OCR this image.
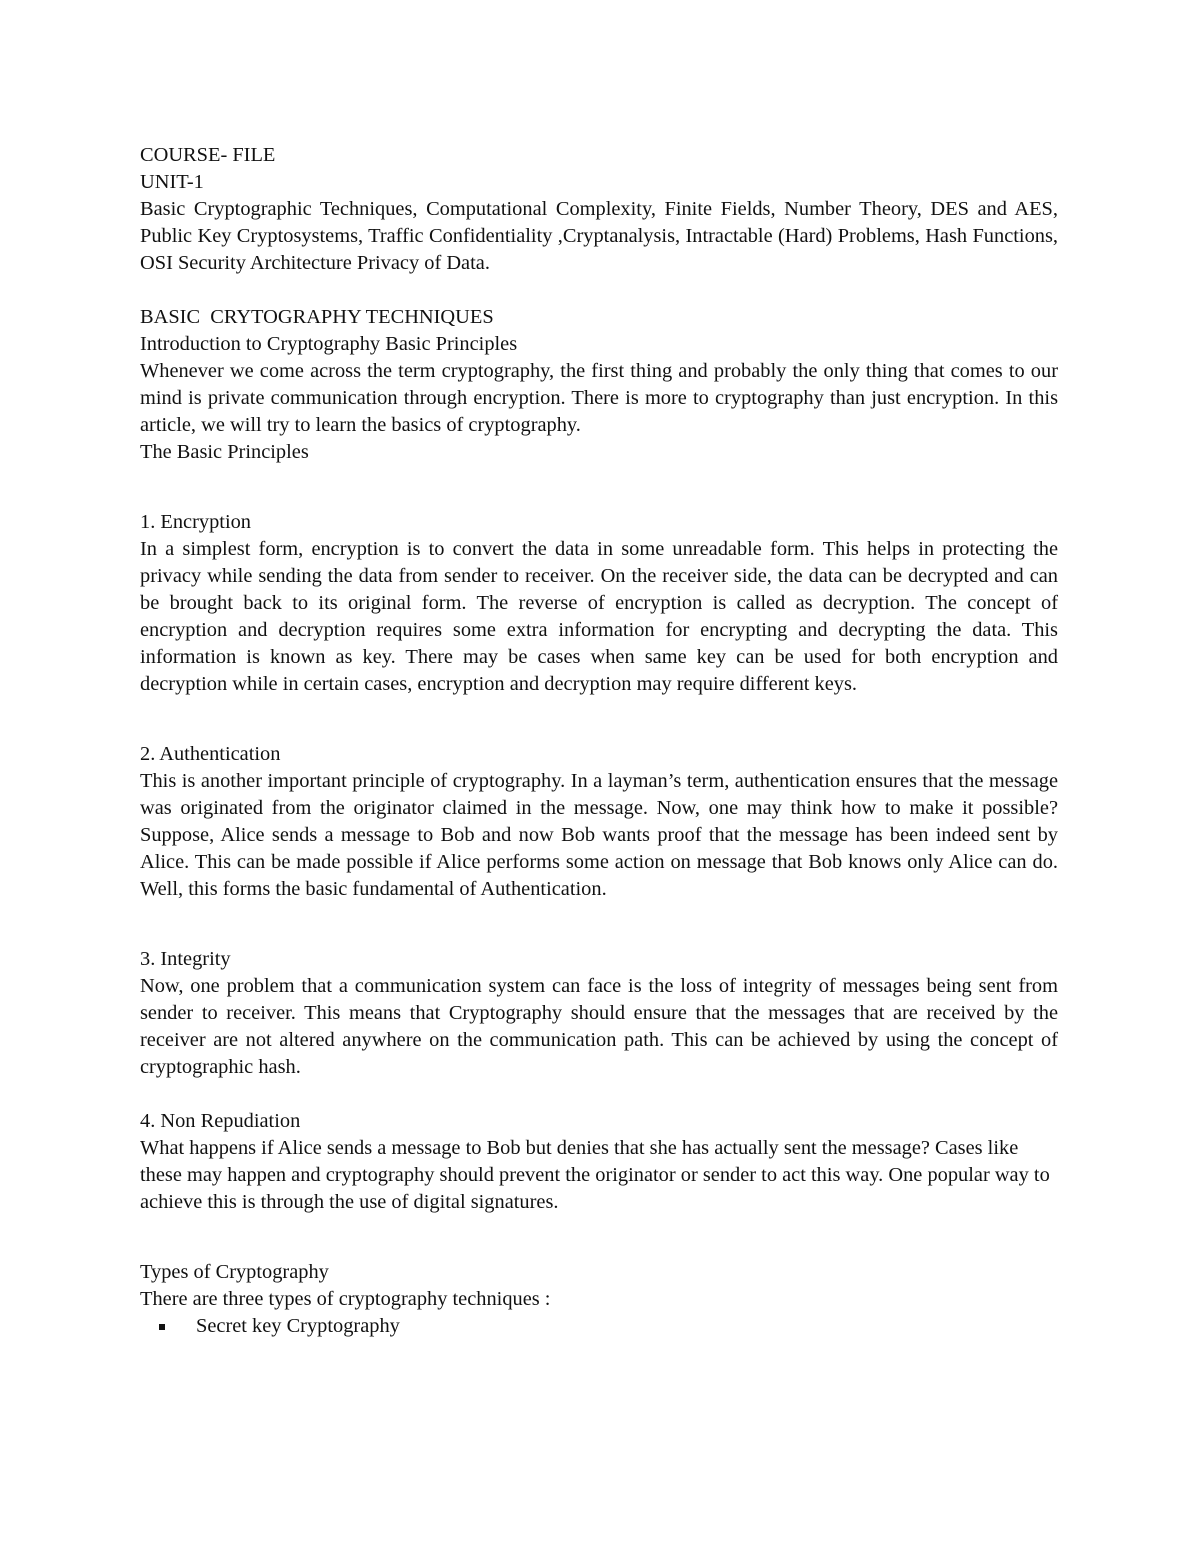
COURSE- FILE
UNIT-1

Basic Cryptographic Techniques, Computational Complexity, Finite Fields, Number Theory, DES and AES, Public Key Cryptosystems, Traffic Confidentiality ,Cryptanalysis, Intractable (Hard) Problems, Hash Functions, OSI Security Architecture Privacy of Data.

BASIC  CRYTOGRAPHY TECHNIQUES
Introduction to Cryptography Basic Principles

Whenever we come across the term cryptography, the first thing and probably the only thing that comes to our mind is private communication through encryption. There is more to cryptography than just encryption. In this article, we will try to learn the basics of cryptography.

The Basic Principles
1. Encryption

In a simplest form, encryption is to convert the data in some unreadable form. This helps in protecting the privacy while sending the data from sender to receiver. On the receiver side, the data can be decrypted and can be brought back to its original form. The reverse of encryption is called as decryption. The concept of encryption and decryption requires some extra information for encrypting and decrypting the data. This information is known as key. There may be cases when same key can be used for both encryption and decryption while in certain cases, encryption and decryption may require different keys.

2. Authentication

This is another important principle of cryptography. In a layman’s term, authentication ensures that the message was originated from the originator claimed in the message. Now, one may think how to make it possible? Suppose, Alice sends a message to Bob and now Bob wants proof that the message has been indeed sent by Alice. This can be made possible if Alice performs some action on message that Bob knows only Alice can do. Well, this forms the basic fundamental of Authentication.

3. Integrity

Now, one problem that a communication system can face is the loss of integrity of messages being sent from sender to receiver. This means that Cryptography should ensure that the messages that are received by the receiver are not altered anywhere on the communication path. This can be achieved by using the concept of cryptographic hash.

4. Non Repudiation

What happens if Alice sends a message to Bob but denies that she has actually sent the message? Cases like these may happen and cryptography should prevent the originator or sender to act this way. One popular way to achieve this is through the use of digital signatures.

Types of Cryptography
There are three types of cryptography techniques :
Secret key Cryptography
